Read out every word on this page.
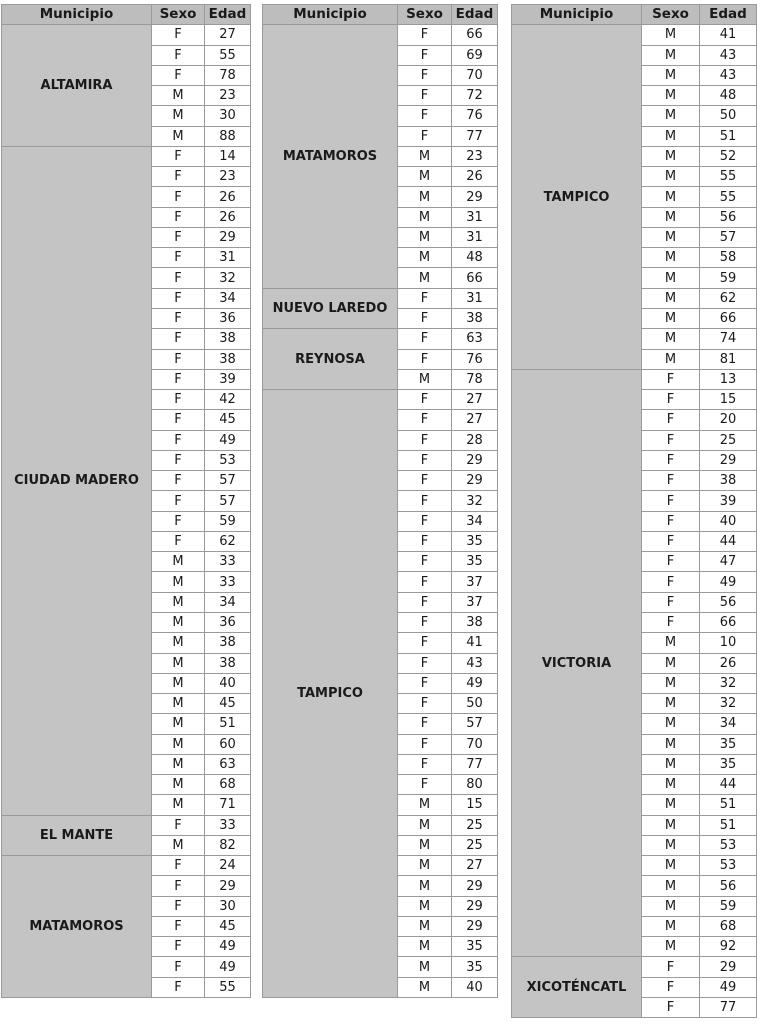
Municipio	Sexo	Edad
ALTAMIRA	F	27
	F	55
	F	78
	M	23
	M	30
	M	88
CIUDAD MADERO	F	14
	F	23
	F	26
	F	26
	F	29
	F	31
	F	32
	F	34
	F	36
	F	38
	F	38
	F	39
	F	42
	F	45
	F	49
	F	53
	F	57
	F	57
	F	59
	F	62
	M	33
	M	33
	M	34
	M	36
	M	38
	M	38
	M	40
	M	45
	M	51
	M	60
	M	63
	M	68
	M	71
EL MANTE	F	33
	M	82
MATAMOROS	F	24
	F	29
	F	30
	F	45
	F	49
	F	49
	F	55
Municipio	Sexo	Edad
MATAMOROS	F	66
	F	69
	F	70
	F	72
	F	76
	F	77
	M	23
	M	26
	M	29
	M	31
	M	31
	M	48
	M	66
NUEVO LAREDO	F	31
	F	38
REYNOSA	F	63
	F	76
	M	78
TAMPICO	F	27
	F	27
	F	28
	F	29
	F	29
	F	32
	F	34
	F	35
	F	35
	F	37
	F	37
	F	38
	F	41
	F	43
	F	49
	F	50
	F	57
	F	70
	F	77
	F	80
	M	15
	M	25
	M	25
	M	27
	M	29
	M	29
	M	29
	M	35
	M	35
	M	40
Municipio	Sexo	Edad
TAMPICO	M	41
	M	43
	M	43
	M	48
	M	50
	M	51
	M	52
	M	55
	M	55
	M	56
	M	57
	M	58
	M	59
	M	62
	M	66
	M	74
	M	81
VICTORIA	F	13
	F	15
	F	20
	F	25
	F	29
	F	38
	F	39
	F	40
	F	44
	F	47
	F	49
	F	56
	F	66
	M	10
	M	26
	M	32
	M	32
	M	34
	M	35
	M	35
	M	44
	M	51
	M	51
	M	53
	M	53
	M	56
	M	59
	M	68
	M	92
XICOTÉNCATL	F	29
	F	49
	F	77
